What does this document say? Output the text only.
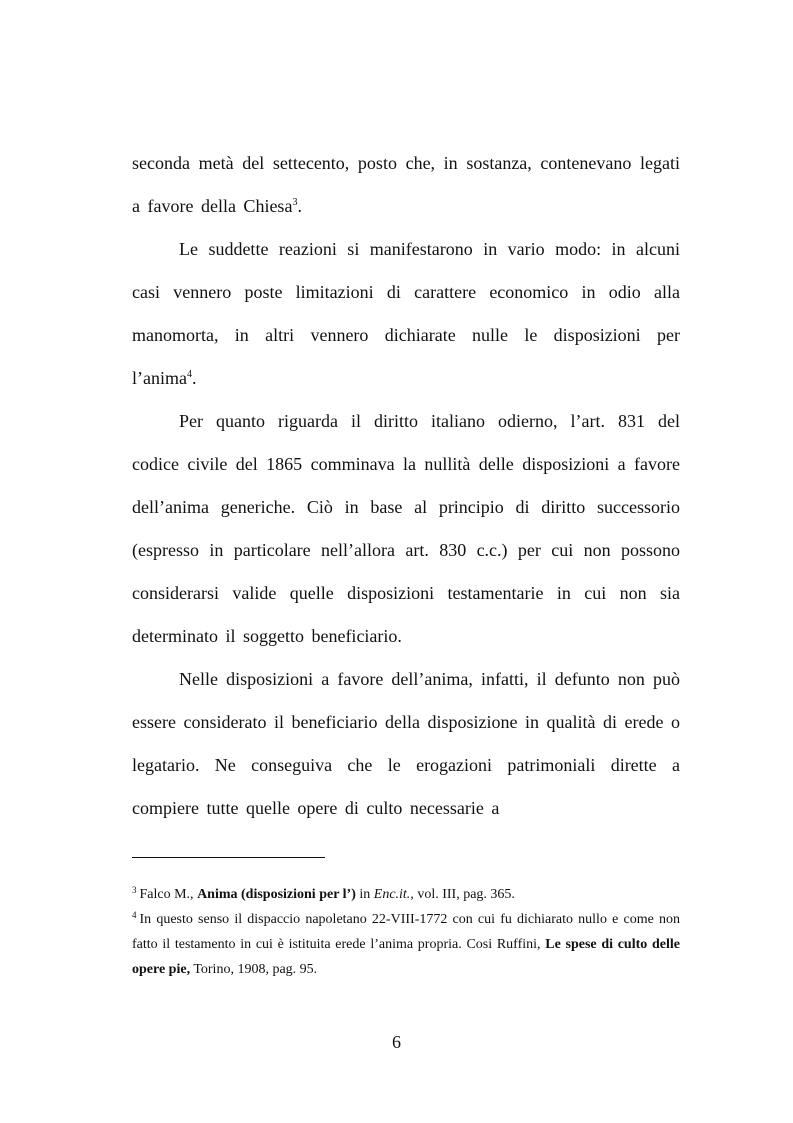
seconda metà del settecento, posto che, in sostanza, contenevano legati a favore della Chiesa$^3$.

Le suddette reazioni si manifestarono in vario modo: in alcuni casi vennero poste limitazioni di carattere economico in odio alla manomorta, in altri vennero dichiarate nulle le disposizioni per l’anima$^4$.

Per quanto riguarda il diritto italiano odierno, l’art. 831 del codice civile del 1865 comminava la nullità delle disposizioni a favore dell’anima generiche. Ciò in base al principio di diritto successorio (espresso in particolare nell’allora art. 830 c.c.) per cui non possono considerarsi valide quelle disposizioni testamentarie in cui non sia determinato il soggetto beneficiario.

Nelle disposizioni a favore dell’anima, infatti, il defunto non può essere considerato il beneficiario della disposizione in qualità di erede o legatario. Ne conseguiva che le erogazioni patrimoniali dirette a compiere tutte quelle opere di culto necessarie a

$^3$ Falco M., Anima (disposizioni per l’) in Enc.it., vol. III, pag. 365.

$^4$ In questo senso il dispaccio napoletano 22-VIII-1772 con cui fu dichiarato nullo e come non fatto il testamento in cui è istituita erede l’anima propria. Cosi Ruffini, Le spese di culto delle opere pie, Torino, 1908, pag. 95.

6
